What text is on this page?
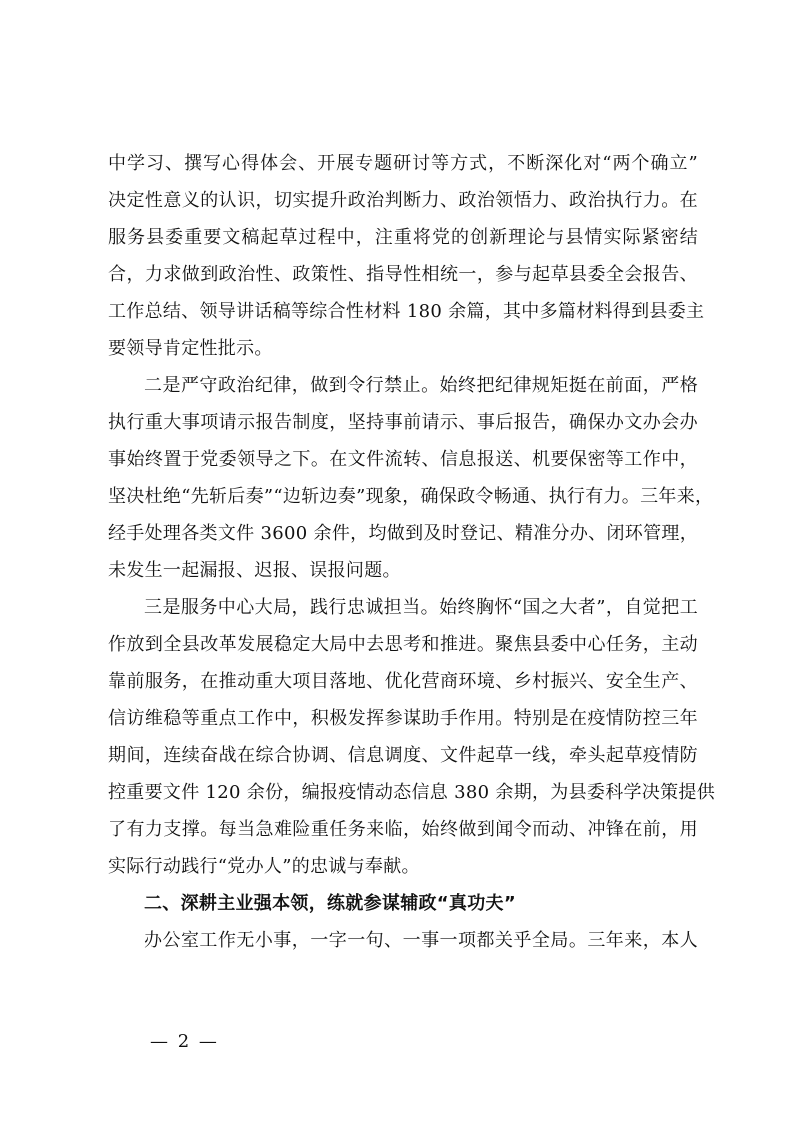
中学习、撰写心得体会、开展专题研讨等方式，不断深化对“两个确立”
决定性意义的认识，切实提升政治判断力、政治领悟力、政治执行力。在
服务县委重要文稿起草过程中，注重将党的创新理论与县情实际紧密结
合，力求做到政治性、政策性、指导性相统一，参与起草县委全会报告、
工作总结、领导讲话稿等综合性材料 180 余篇，其中多篇材料得到县委主
要领导肯定性批示。
二是严守政治纪律，做到令行禁止。始终把纪律规矩挺在前面，严格
执行重大事项请示报告制度，坚持事前请示、事后报告，确保办文办会办
事始终置于党委领导之下。在文件流转、信息报送、机要保密等工作中，
坚决杜绝“先斩后奏”“边斩边奏”现象，确保政令畅通、执行有力。三年来，
经手处理各类文件 3600 余件，均做到及时登记、精准分办、闭环管理，
未发生一起漏报、迟报、误报问题。
三是服务中心大局，践行忠诚担当。始终胸怀“国之大者”，自觉把工
作放到全县改革发展稳定大局中去思考和推进。聚焦县委中心任务，主动
靠前服务，在推动重大项目落地、优化营商环境、乡村振兴、安全生产、
信访维稳等重点工作中，积极发挥参谋助手作用。特别是在疫情防控三年
期间，连续奋战在综合协调、信息调度、文件起草一线，牵头起草疫情防
控重要文件 120 余份，编报疫情动态信息 380 余期，为县委科学决策提供
了有力支撑。每当急难险重任务来临，始终做到闻令而动、冲锋在前，用
实际行动践行“党办人”的忠诚与奉献。
二、深耕主业强本领，练就参谋辅政“真功夫”
办公室工作无小事，一字一句、一事一项都关乎全局。三年来，本人
— 2 —
